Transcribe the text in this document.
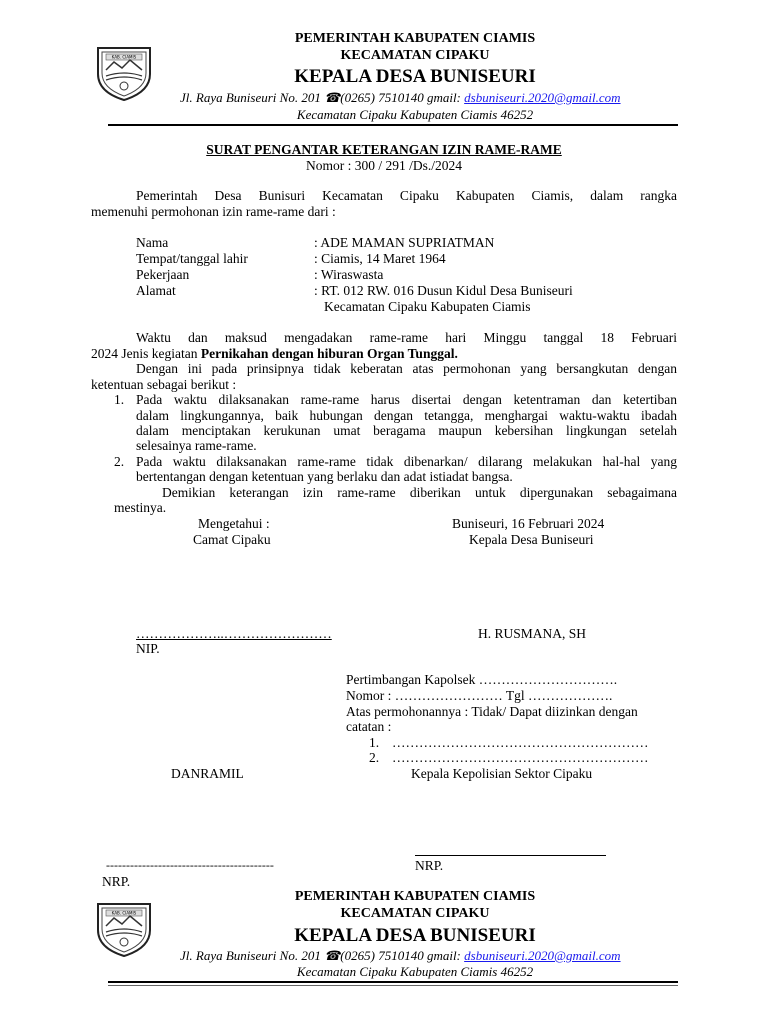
KAB. CIAMIS
PEMERINTAH KABUPATEN CIAMIS
KECAMATAN CIPAKU
KEPALA DESA BUNISEURI
Jl. Raya Buniseuri No. 201 ☎(0265) 7510140 gmail: dsbuniseuri.2020@gmail.com
Kecamatan Cipaku Kabupaten Ciamis 46252
SURAT PENGANTAR KETERANGAN IZIN RAME-RAME
Nomor : 300 / 291 /Ds./2024
Pemerintah Desa Bunisuri Kecamatan Cipaku Kabupaten Ciamis, dalam rangka
memenuhi permohonan izin rame-rame dari :
Nama	: ADE MAMAN SUPRIATMAN
Tempat/tanggal lahir	: Ciamis, 14 Maret 1964
Pekerjaan	: Wiraswasta
Alamat	: RT. 012 RW. 016 Dusun Kidul Desa Buniseuri
Kecamatan Cipaku Kabupaten Ciamis
Waktu dan maksud mengadakan rame-rame hari Minggu tanggal 18 Februari
2024 Jenis kegiatan Pernikahan dengan hiburan Organ Tunggal.
Dengan ini pada prinsipnya tidak keberatan atas permohonan yang bersangkutan dengan
ketentuan sebagai berikut :
1. Pada waktu dilaksanakan rame-rame harus disertai dengan ketentraman dan ketertiban
dalam lingkungannya, baik hubungan dengan tetangga, menghargai waktu-waktu ibadah
dalam menciptakan kerukunan umat beragama maupun kebersihan lingkungan setelah
selesainya rame-rame.
2. Pada waktu dilaksanakan rame-rame tidak dibenarkan/ dilarang melakukan hal-hal yang
bertentangan dengan ketentuan yang berlaku dan adat istiadat bangsa.
Demikian keterangan izin rame-rame diberikan untuk dipergunakan sebagaimana
mestinya.
Mengetahui :
Camat Cipaku
Buniseuri, 16 Februari 2024
Kepala Desa Buniseuri
………………..……………………
NIP.
H. RUSMANA, SH
Pertimbangan Kapolsek ………………………….
Nomor : …………………… Tgl ……………….
Atas permohonannya : Tidak/ Dapat diizinkan dengan
catatan :
1. …………………………………………………
2. …………………………………………………
DANRAMIL	Kepala Kepolisian Sektor Cipaku
------------------------------------------	NRP.
NRP.
KAB. CIAMIS
PEMERINTAH KABUPATEN CIAMIS
KECAMATAN CIPAKU
KEPALA DESA BUNISEURI
Jl. Raya Buniseuri No. 201 ☎(0265) 7510140 gmail: dsbuniseuri.2020@gmail.com
Kecamatan Cipaku Kabupaten Ciamis 46252
